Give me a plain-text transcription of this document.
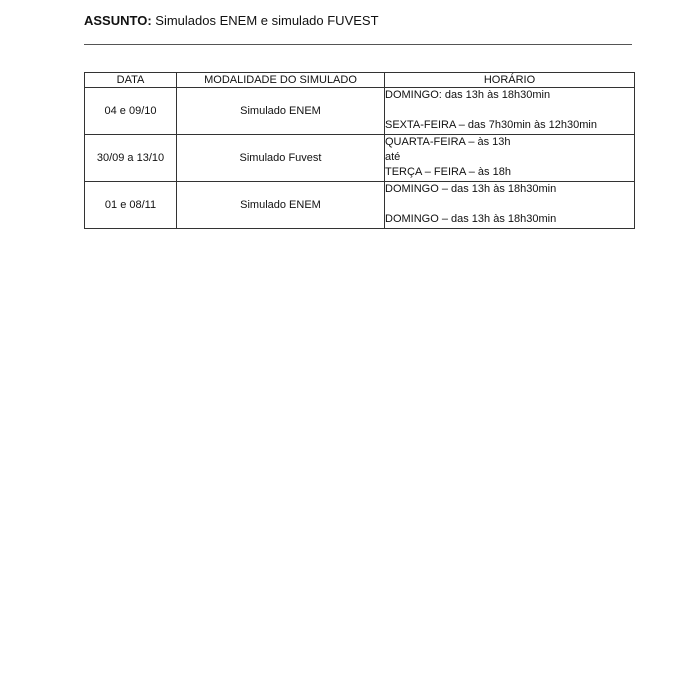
ASSUNTO: Simulados ENEM e simulado FUVEST
DATA	MODALIDADE DO SIMULADO	HORÁRIO
04 e 09/10	Simulado ENEM	DOMINGO: das 13h às 18h30min
SEXTA-FEIRA – das 7h30min às 12h30min

30/09 a 13/10	Simulado Fuvest	QUARTA-FEIRA – às 13h
até
TERÇA – FEIRA – às 18h

01 e 08/11	Simulado ENEM	DOMINGO – das 13h às 18h30min
DOMINGO – das 13h às 18h30min
